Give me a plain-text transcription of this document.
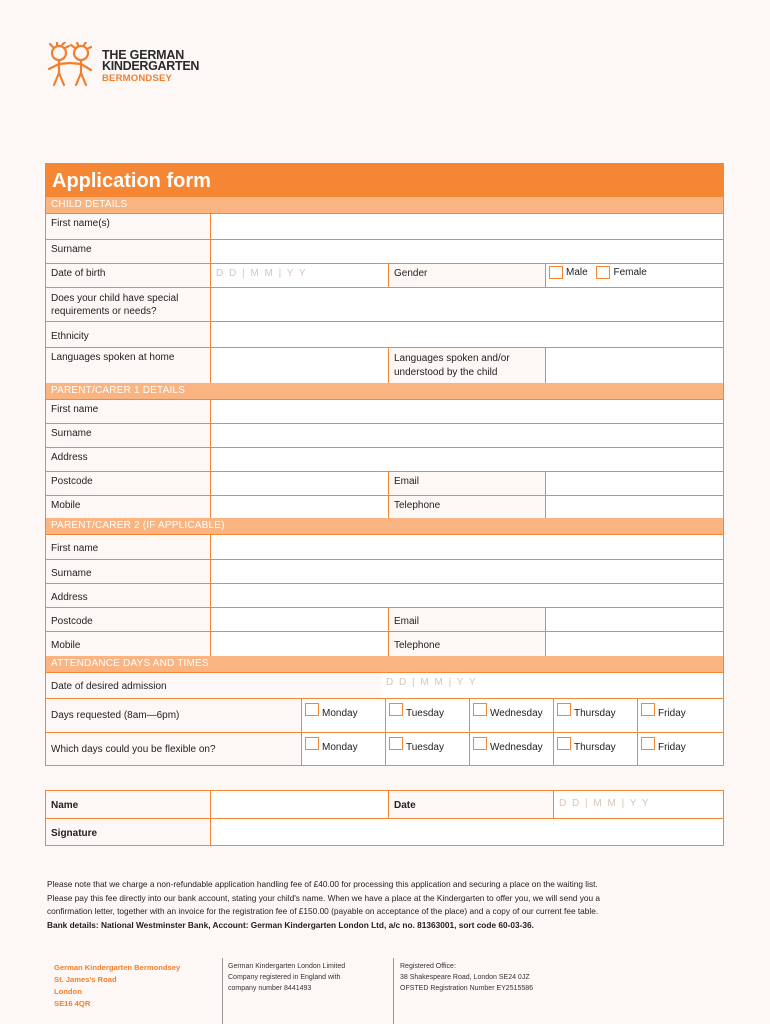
THE GERMAN
KINDERGARTEN
BERMONDSEY
Application form
CHILD DETAILS
First name(s)
Surname
Date of birth	D D | M M | Y Y	Gender	Male	Female
Does your child have special requirements or needs?
Ethnicity
Languages spoken at home	Languages spoken and/or understood by the child
PARENT/CARER 1 DETAILS
First name
Surname
Address
Postcode	Email
Mobile	Telephone
PARENT/CARER 2 (IF APPLICABLE)
First name
Surname
Address
Postcode	Email
Mobile	Telephone
ATTENDANCE DAYS AND TIMES
Date of desired admission	D D | M M | Y Y
Days requested (8am—6pm)	Monday	Tuesday	Wednesday	Thursday	Friday
Which days could you be flexible on?	Monday	Tuesday	Wednesday	Thursday	Friday
Name	Date	D D | M M | Y Y
Signature
Please note that we charge a non-refundable application handling fee of £40.00 for processing this application and securing a place on the waiting list.
Please pay this fee directly into our bank account, stating your child's name. When we have a place at the Kindergarten to offer you, we will send you a
confirmation letter, together with an invoice for the registration fee of £150.00 (payable on acceptance of the place) and a copy of our current fee table.
Bank details: National Westminster Bank, Account: German Kindergarten London Ltd, a/c no. 81363001, sort code 60-03-36.
German Kindergarten Bermondsey
St. James's Road
London
SE16 4QR
German Kindergarten London Limited
Company registered in England with
company number 8441493
Registered Office:
38 Shakespeare Road, London SE24 0JZ
OFSTED Registration Number EY2515586
